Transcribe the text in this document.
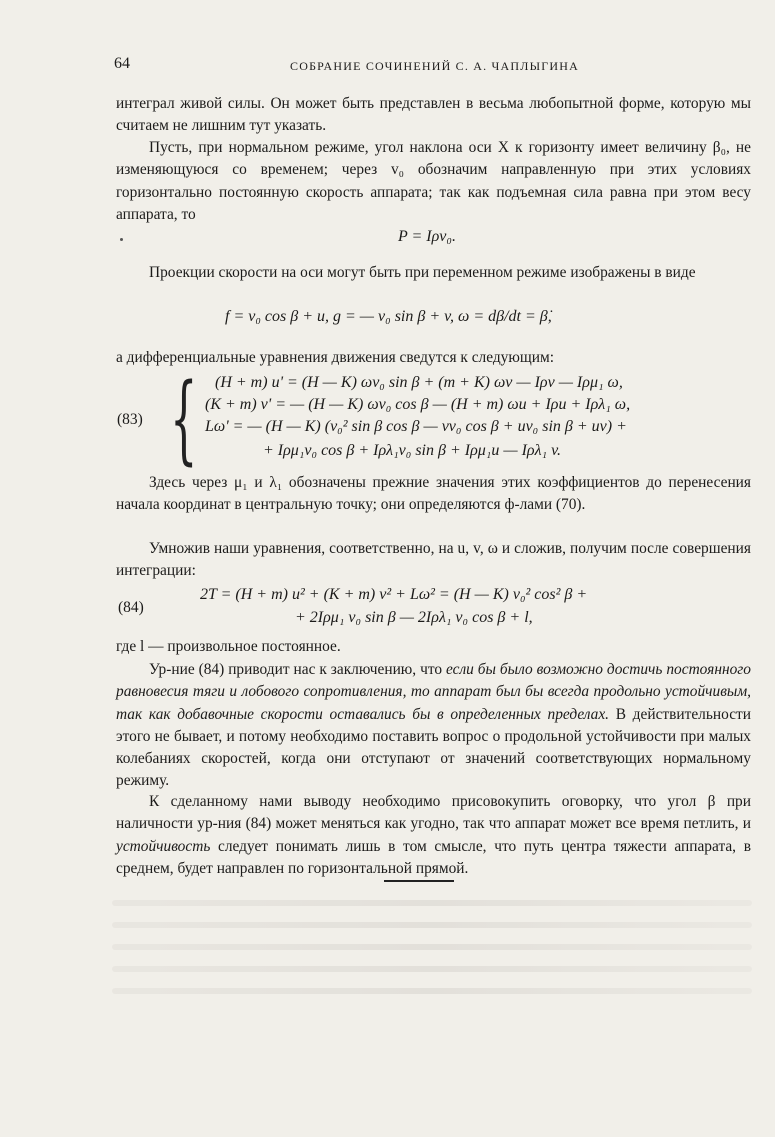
64	СОБРАНИЕ СОЧИНЕНИЙ С. А. ЧАПЛЫГИНА
интеграл живой силы. Он может быть представлен в весьма любопытной форме, которую мы считаем не лишним тут указать.
Пусть, при нормальном режиме, угол наклона оси X к горизонту имеет величину β₀, не изменяющуюся со временем; через v₀ обозначим направленную при этих условиях горизонтально постоянную скорость аппарата; так как подъемная сила равна при этом весу аппарата, то
P = Iρv₀.
Проекции скорости на оси могут быть при переменном режиме изображены в виде
f = v₀ cos β + u, g = — v₀ sin β + v, ω = dβ/dt = β̇,
а дифференциальные уравнения движения сведутся к следующим:
(83) { (H + m) u' = (H — K) ωv₀ sin β + (m + K) ωv — Iρv — Iρμ₁ ω,
(K + m) v' = — (H — K) ωv₀ cos β — (H + m) ωu + Iρu + Iρλ₁ ω,
Lω' = — (H — K) (v₀² sin β cos β — vv₀ cos β + uv₀ sin β + uv) +
+ Iρμ₁v₀ cos β + Iρλ₁v₀ sin β + Iρμ₁u — Iρλ₁ v.
Здесь через μ₁ и λ₁ обозначены прежние значения этих коэффициентов до перенесения начала координат в центральную точку; они определяются ф-лами (70).
Умножив наши уравнения, соответственно, на u, v, ω и сложив, получим после совершения интеграции:
(84)
2T = (H + m) u² + (K + m) v² + Lω² = (H — K) v₀² cos² β +
+ 2Iρμ₁ v₀ sin β — 2Iρλ₁ v₀ cos β + l,
где l — произвольное постоянное.
Ур-ние (84) приводит нас к заключению, что если бы было возможно достичь постоянного равновесия тяги и лобового сопротивления, то аппарат был бы всегда продольно устойчивым, так как добавочные скорости оставались бы в определенных пределах. В действительности этого не бывает, и потому необходимо поставить вопрос о продольной устойчивости при малых колебаниях скоростей, когда они отступают от значений соответствующих нормальному режиму.
К сделанному нами выводу необходимо присовокупить оговорку, что угол β при наличности ур-ния (84) может меняться как угодно, так что аппарат может все время петлить, и устойчивость следует понимать лишь в том смысле, что путь центра тяжести аппарата, в среднем, будет направлен по горизонтальной прямой.
